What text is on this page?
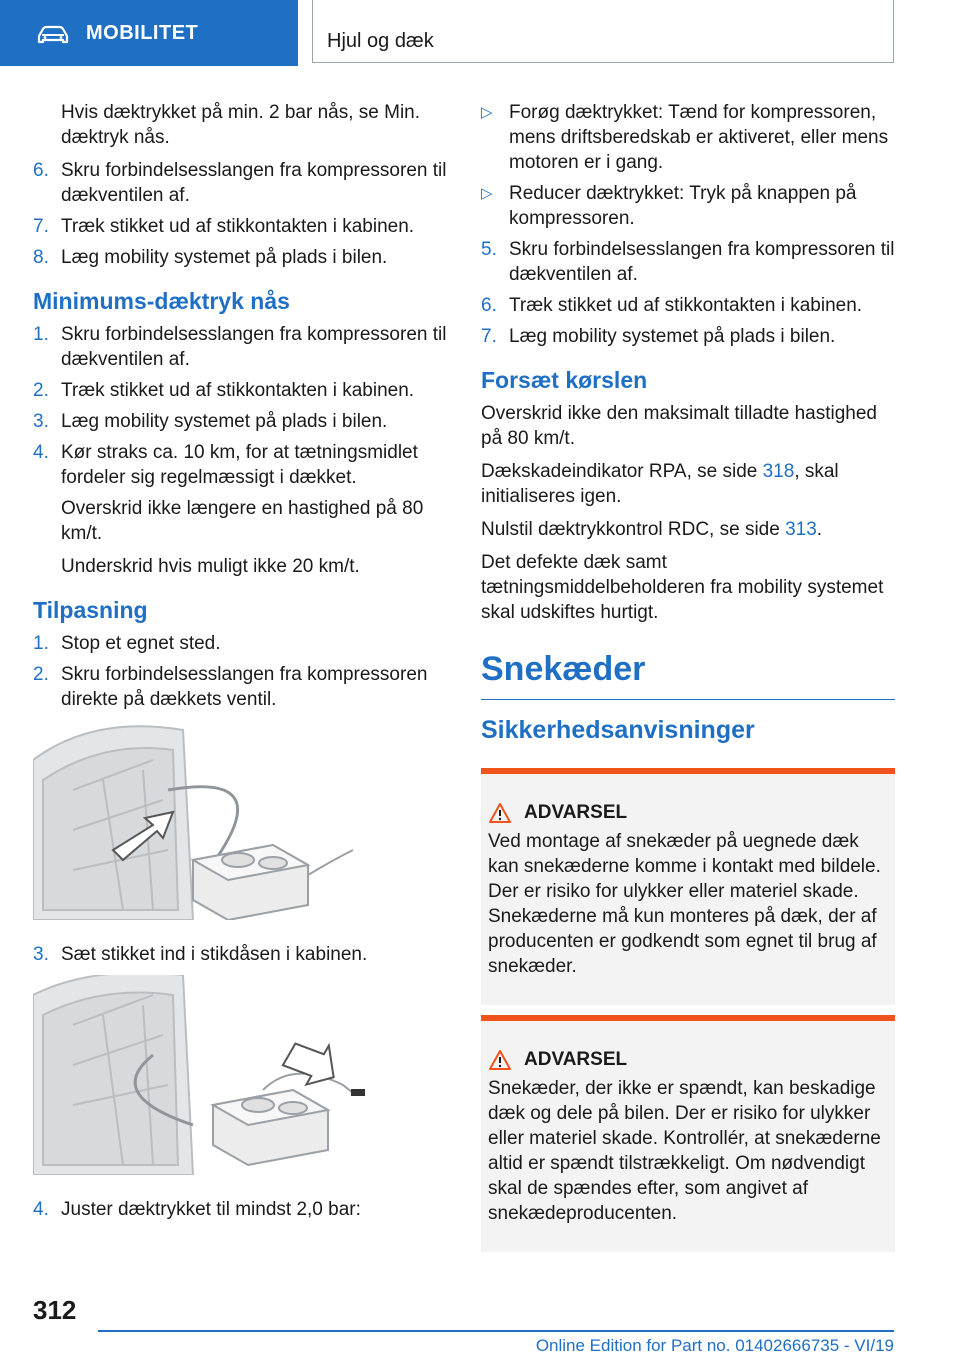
MOBILITET	Hjul og dæk
Hvis dæktrykket på min. 2 bar nås, se Min. dæktryk nås.
6. Skru forbindelsesslangen fra kompressoren til dækventilen af.
7. Træk stikket ud af stikkontakten i kabinen.
8. Læg mobility systemet på plads i bilen.
Minimums-dæktryk nås
1. Skru forbindelsesslangen fra kompressoren til dækventilen af.
2. Træk stikket ud af stikkontakten i kabinen.
3. Læg mobility systemet på plads i bilen.
4. Kør straks ca. 10 km, for at tætningsmidlet fordeler sig regelmæssigt i dækket.
Overskrid ikke længere en hastighed på 80 km/t.
Underskrid hvis muligt ikke 20 km/t.
Tilpasning
1. Stop et egnet sted.
2. Skru forbindelsesslangen fra kompressoren direkte på dækkets ventil.
3. Sæt stikket ind i stikdåsen i kabinen.
4. Juster dæktrykket til mindst 2,0 bar:
▷ Forøg dæktrykket: Tænd for kompressoren, mens driftsberedskab er aktiveret, eller mens motoren er i gang.
▷ Reducer dæktrykket: Tryk på knappen på kompressoren.
5. Skru forbindelsesslangen fra kompressoren til dækventilen af.
6. Træk stikket ud af stikkontakten i kabinen.
7. Læg mobility systemet på plads i bilen.
Forsæt kørslen
Overskrid ikke den maksimalt tilladte hastighed på 80 km/t.
Dækskadeindikator RPA, se side 318, skal initialiseres igen.
Nulstil dæktrykkontrol RDC, se side 313.
Det defekte dæk samt tætningsmiddelbeholderen fra mobility systemet skal udskiftes hurtigt.
Snekæder
Sikkerhedsanvisninger
ADVARSEL
Ved montage af snekæder på uegnede dæk kan snekæderne komme i kontakt med bildele. Der er risiko for ulykker eller materiel skade. Snekæderne må kun monteres på dæk, der af producenten er godkendt som egnet til brug af snekæder.
ADVARSEL
Snekæder, der ikke er spændt, kan beskadige dæk og dele på bilen. Der er risiko for ulykker eller materiel skade. Kontrollér, at snekæderne altid er spændt tilstrækkeligt. Om nødvendigt skal de spændes efter, som angivet af snekædeproducenten.
312
Online Edition for Part no. 01402666735 - VI/19
